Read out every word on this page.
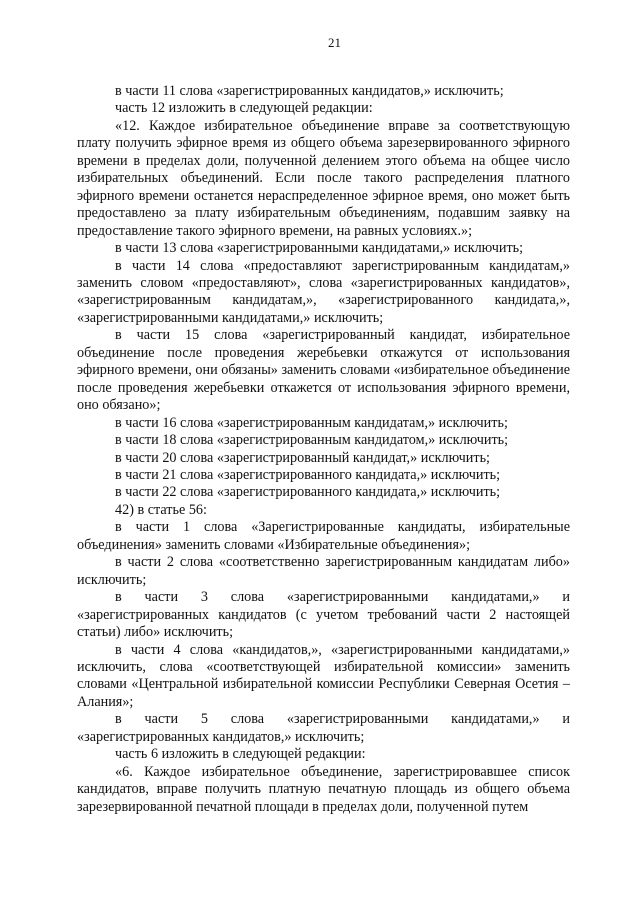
21

в части 11 слова «зарегистрированных кандидатов,» исключить;

часть 12 изложить в следующей редакции:

«12. Каждое избирательное объединение вправе за соответствующую плату получить эфирное время из общего объема зарезервированного эфирного времени в пределах доли, полученной делением этого объема на общее число избирательных объединений. Если после такого распределения платного эфирного времени останется нераспределенное эфирное время, оно может быть предоставлено за плату избирательным объединениям, подавшим заявку на предоставление такого эфирного времени, на равных условиях.»;

в части 13 слова «зарегистрированными кандидатами,» исключить;

в части 14 слова «предоставляют зарегистрированным кандидатам,» заменить словом «предоставляют», слова «зарегистрированных кандидатов», «зарегистрированным кандидатам,», «зарегистрированного кандидата,», «зарегистрированными кандидатами,» исключить;

в части 15 слова «зарегистрированный кандидат, избирательное объединение после проведения жеребьевки откажутся от использования эфирного времени, они обязаны» заменить словами «избирательное объединение после проведения жеребьевки откажется от использования эфирного времени, оно обязано»;

в части 16 слова «зарегистрированным кандидатам,» исключить;

в части 18 слова «зарегистрированным кандидатом,» исключить;

в части 20 слова «зарегистрированный кандидат,» исключить;

в части 21 слова «зарегистрированного кандидата,» исключить;

в части 22 слова «зарегистрированного кандидата,» исключить;

42) в статье 56:

в части 1 слова «Зарегистрированные кандидаты, избирательные объединения» заменить словами «Избирательные объединения»;

в части 2 слова «соответственно зарегистрированным кандидатам либо» исключить;

в части 3 слова «зарегистрированными кандидатами,» и «зарегистрированных кандидатов (с учетом требований части 2 настоящей статьи) либо» исключить;

в части 4 слова «кандидатов,», «зарегистрированными кандидатами,» исключить, слова «соответствующей избирательной комиссии» заменить словами «Центральной избирательной комиссии Республики Северная Осетия – Алания»;

в части 5 слова «зарегистрированными кандидатами,» и «зарегистрированных кандидатов,» исключить;

часть 6 изложить в следующей редакции:

«6. Каждое избирательное объединение, зарегистрировавшее список кандидатов, вправе получить платную печатную площадь из общего объема зарезервированной печатной площади в пределах доли, полученной путем
